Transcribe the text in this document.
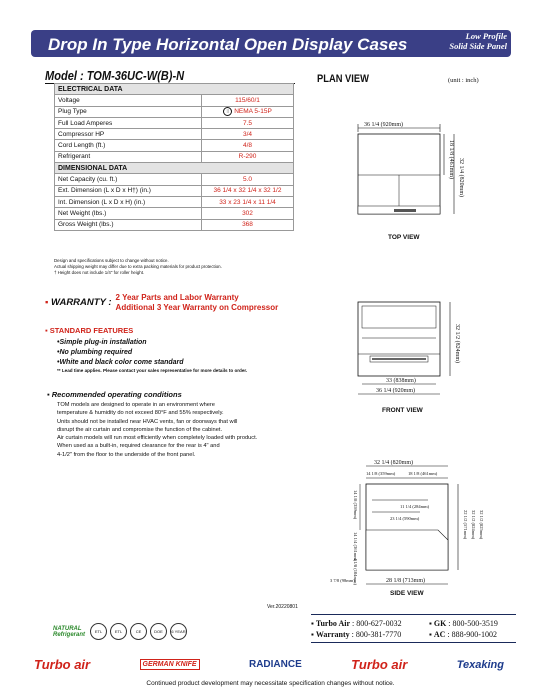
Drop In Type Horizontal Open Display Cases	Low Profile
Solid Side Panel
Model : TOM-36UC-W(B)-N
ELECTRICAL DATA	
Voltage	115/60/1
Plug Type	⁞⁞ NEMA 5-15P
Full Load Amperes	7.5
Compressor HP	3/4
Cord Length (ft.)	4/8
Refrigerant	R-290
DIMENSIONAL DATA	
Net Capacity (cu. ft.)	5.0
Ext. Dimension (L x D x H†) (in.)	36 1/4 x 32 1/4 x 32 1/2
Int. Dimension (L x D x H) (in.)	33 x 23 1/4 x 11 1/4
Net Weight (lbs.)	302
Gross Weight (lbs.)	368
Design and specifications subject to change without notice.
Actual shipping weight may differ due to extra packing materials for product protection.
† Height does not include 1/4" for roller height.
▪ WARRANTY : 2 Year Parts and Labor Warranty
Additional 3 Year Warranty on Compressor
▪ STANDARD FEATURES
• Simple plug-in installation
• No plumbing required
• White and black color come standard
** Lead time applies. Please contact your sales representative for more details to order.
▪ Recommended operating conditions
TOM models are designed to operate in an environment where
temperature & humidity do not exceed 80°F and 55% respectively.
Units should not be installed near HVAC vents, fan or doorways that will
disrupt the air curtain and compromise the function of the cabinet.
Air curtain models will run most efficiently when completely loaded with product.
When used as a built-in, required clearance for the rear is 4" and
4-1/2" from the floor to the underside of the front panel.
Ver.20220801
PLAN VIEW	(unit : inch)
36 1/4 (920mm)
18 1/8 (461mm) 32 1/4 (820mm)
TOP VIEW
32 1/2 (824mm)
33 (838mm)
36 1/4 (920mm)
FRONT VIEW
32 1/4 (820mm)
14 1/8 (359mm)	18 1/8 (461mm)
11 1/4 (284mm)
23 1/4 (590mm)
14 1/8 (359mm)
14 1/4 (361mm)
4 1/8 (104mm)
3 7/8 (98mm)	28 1/8 (713mm)
22 1/2 (571mm) 32 1/2 (824mm) 32 1/2 (825mm)
SIDE VIEW
▪ Turbo Air : 800-627-0032	▪ GK : 800-500-3519
▪ Warranty : 800-381-7770	▪ AC : 888-900-1002
NATURAL Refrigerant	ETL	ETL	CE	DOE	6 YEAR
Turbo air	GERMAN KNIFE	RADIANCE	Turbo air	Texaking
Continued product development may necessitate specification changes without notice.
